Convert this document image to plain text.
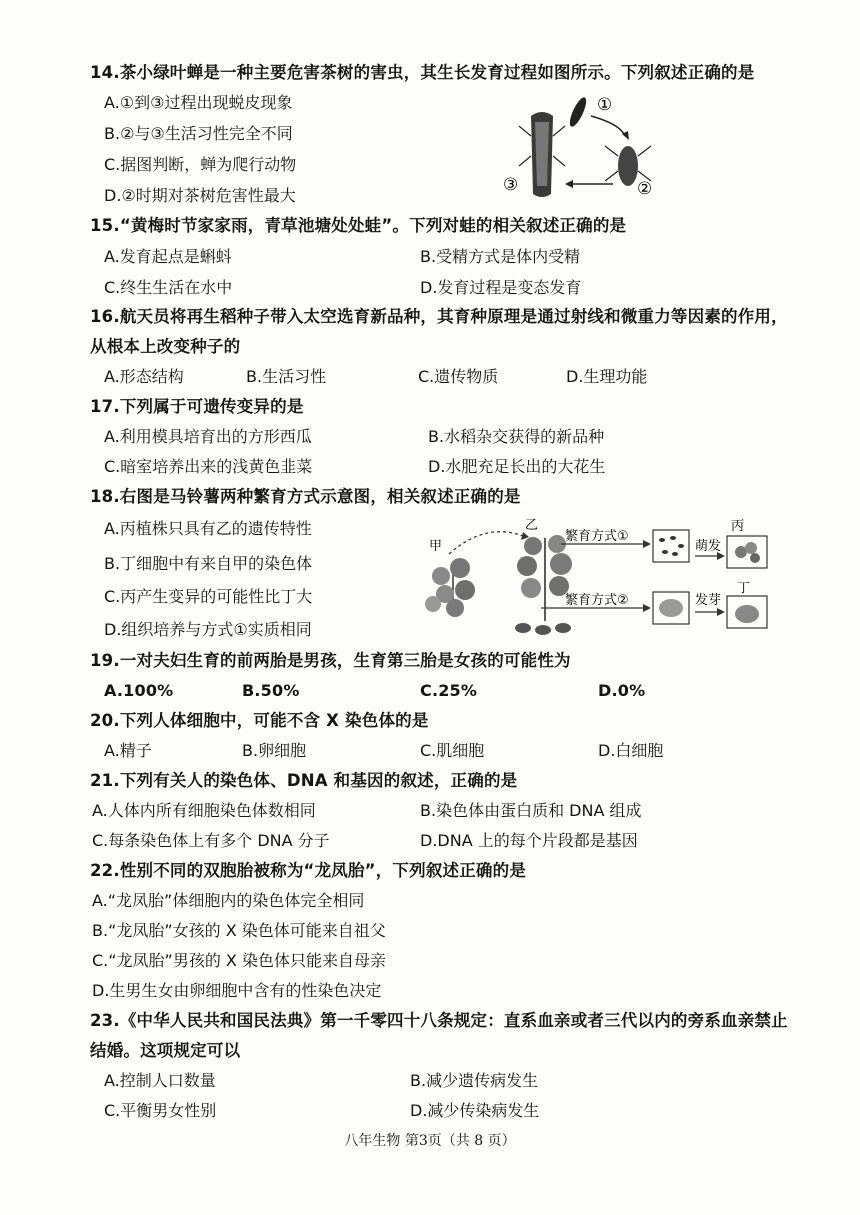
14.茶小绿叶蝉是一种主要危害茶树的害虫，其生长发育过程如图所示。下列叙述正确的是
A.①到③过程出现蜕皮现象
B.②与③生活习性完全不同
C.据图判断，蝉为爬行动物
D.②时期对茶树危害性最大
①
②
③
15.“黄梅时节家家雨，青草池塘处处蛙”。下列对蛙的相关叙述正确的是
A.发育起点是蝌蚪	B.受精方式是体内受精
C.终生生活在水中	D.发育过程是变态发育
16.航天员将再生稻种子带入太空选育新品种，其育种原理是通过射线和微重力等因素的作用，
从根本上改变种子的
A.形态结构	B.生活习性	C.遗传物质	D.生理功能
17.下列属于可遗传变异的是
A.利用模具培育出的方形西瓜	B.水稻杂交获得的新品种
C.暗室培养出来的浅黄色韭菜	D.水肥充足长出的大花生
18.右图是马铃薯两种繁育方式示意图，相关叙述正确的是
A.丙植株只具有乙的遗传特性
B.丁细胞中有来自甲的染色体
C.丙产生变异的可能性比丁大
D.组织培养与方式①实质相同
甲
乙
繁育方式①
萌发
丙
繁育方式②	发芽
丁
19.一对夫妇生育的前两胎是男孩，生育第三胎是女孩的可能性为
A.100%	B.50%	C.25%	D.0%
20.下列人体细胞中，可能不含 X 染色体的是
A.精子	B.卵细胞	C.肌细胞	D.白细胞
21.下列有关人的染色体、DNA 和基因的叙述，正确的是
A.人体内所有细胞染色体数相同	B.染色体由蛋白质和 DNA 组成
C.每条染色体上有多个 DNA 分子	D.DNA 上的每个片段都是基因
22.性别不同的双胞胎被称为“龙凤胎”，下列叙述正确的是
A.“龙凤胎”体细胞内的染色体完全相同
B.“龙凤胎”女孩的 X 染色体可能来自祖父
C.“龙凤胎”男孩的 X 染色体只能来自母亲
D.生男生女由卵细胞中含有的性染色决定
23.《中华人民共和国民法典》第一千零四十八条规定：直系血亲或者三代以内的旁系血亲禁止
结婚。这项规定可以
A.控制人口数量	B.减少遗传病发生
C.平衡男女性别	D.减少传染病发生
八年生物 第3页（共 8 页）
